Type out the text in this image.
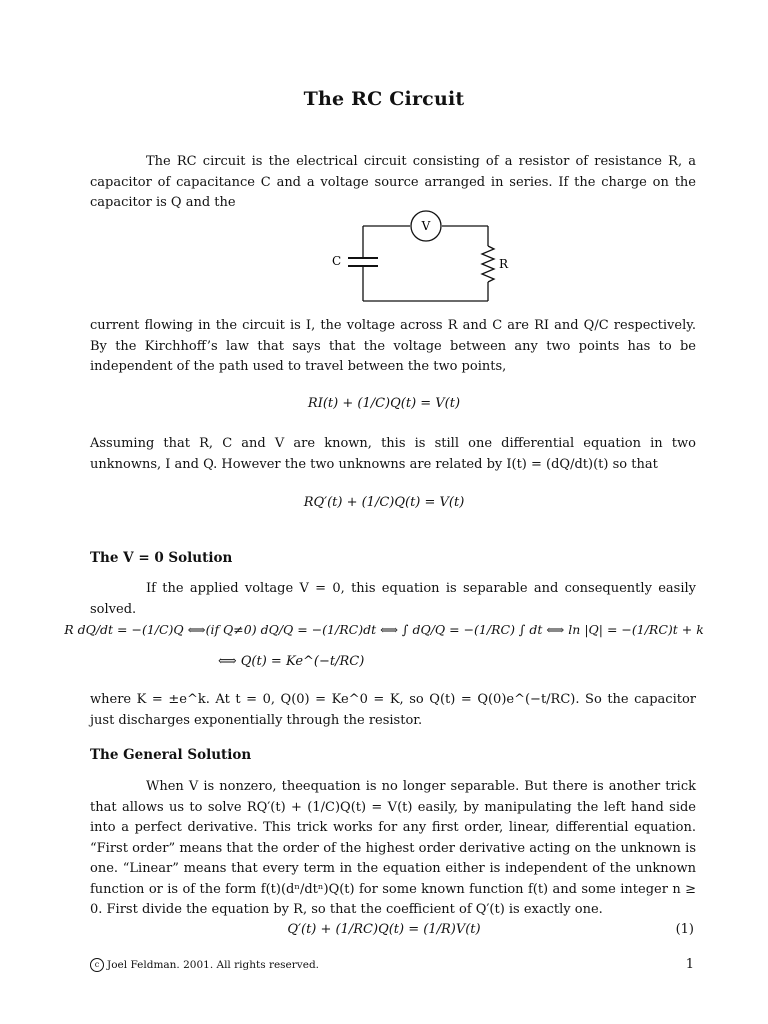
The RC Circuit

The RC circuit is the electrical circuit consisting of a resistor of resistance R, a capacitor of capacitance C and a voltage source arranged in series. If the charge on the capacitor is Q and the

V
C	R

current flowing in the circuit is I, the voltage across R and C are RI and Q/C respectively. By the Kirchhoff’s law that says that the voltage between any two points has to be independent of the path used to travel between the two points,

RI(t) + (1/C)Q(t) = V(t)

Assuming that R, C and V are known, this is still one differential equation in two unknowns, I and Q. However the two unknowns are related by I(t) = (dQ/dt)(t) so that

RQ′(t) + (1/C)Q(t) = V(t)
The V = 0 Solution

If the applied voltage V = 0, this equation is separable and consequently easily solved.

R dQ/dt = −(1/C)Q ⟺(if Q≠0) dQ/Q = −(1/RC)dt ⟺ ∫ dQ/Q = −(1/RC) ∫ dt ⟺ ln |Q| = −(1/RC)t + k
⟺ Q(t) = Ke^(−t/RC)

where K = ±e^k. At t = 0, Q(0) = Ke^0 = K, so Q(t) = Q(0)e^(−t/RC). So the capacitor just discharges exponentially through the resistor.

The General Solution

When V is nonzero, theequation is no longer separable. But there is another trick that allows us to solve RQ′(t) + (1/C)Q(t) = V(t) easily, by manipulating the left hand side into a perfect derivative. This trick works for any first order, linear, differential equation. “First order” means that the order of the highest order derivative acting on the unknown is one. “Linear” means that every term in the equation either is independent of the unknown function or is of the form f(t)(dⁿ/dtⁿ)Q(t) for some known function f(t) and some integer n ≥ 0. First divide the equation by R, so that the coefficient of Q′(t) is exactly one.

Q′(t) + (1/RC)Q(t) = (1/R)V(t)	(1)
c Joel Feldman. 2001. All rights reserved.	1
